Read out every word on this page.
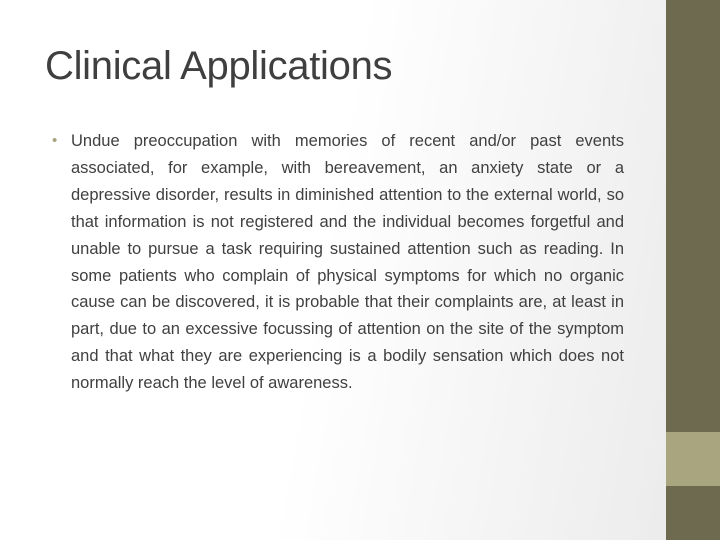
Clinical Applications
• Undue preoccupation with memories of recent and/or past events associated, for example, with bereavement, an anxiety state or a depressive disorder, results in diminished attention to the external world, so that information is not registered and the individual becomes forgetful and unable to pursue a task requiring sustained attention such as reading. In some patients who complain of physical symptoms for which no organic cause can be discovered, it is probable that their complaints are, at least in part, due to an excessive focussing of attention on the site of the symptom and that what they are experiencing is a bodily sensation which does not normally reach the level of awareness.
